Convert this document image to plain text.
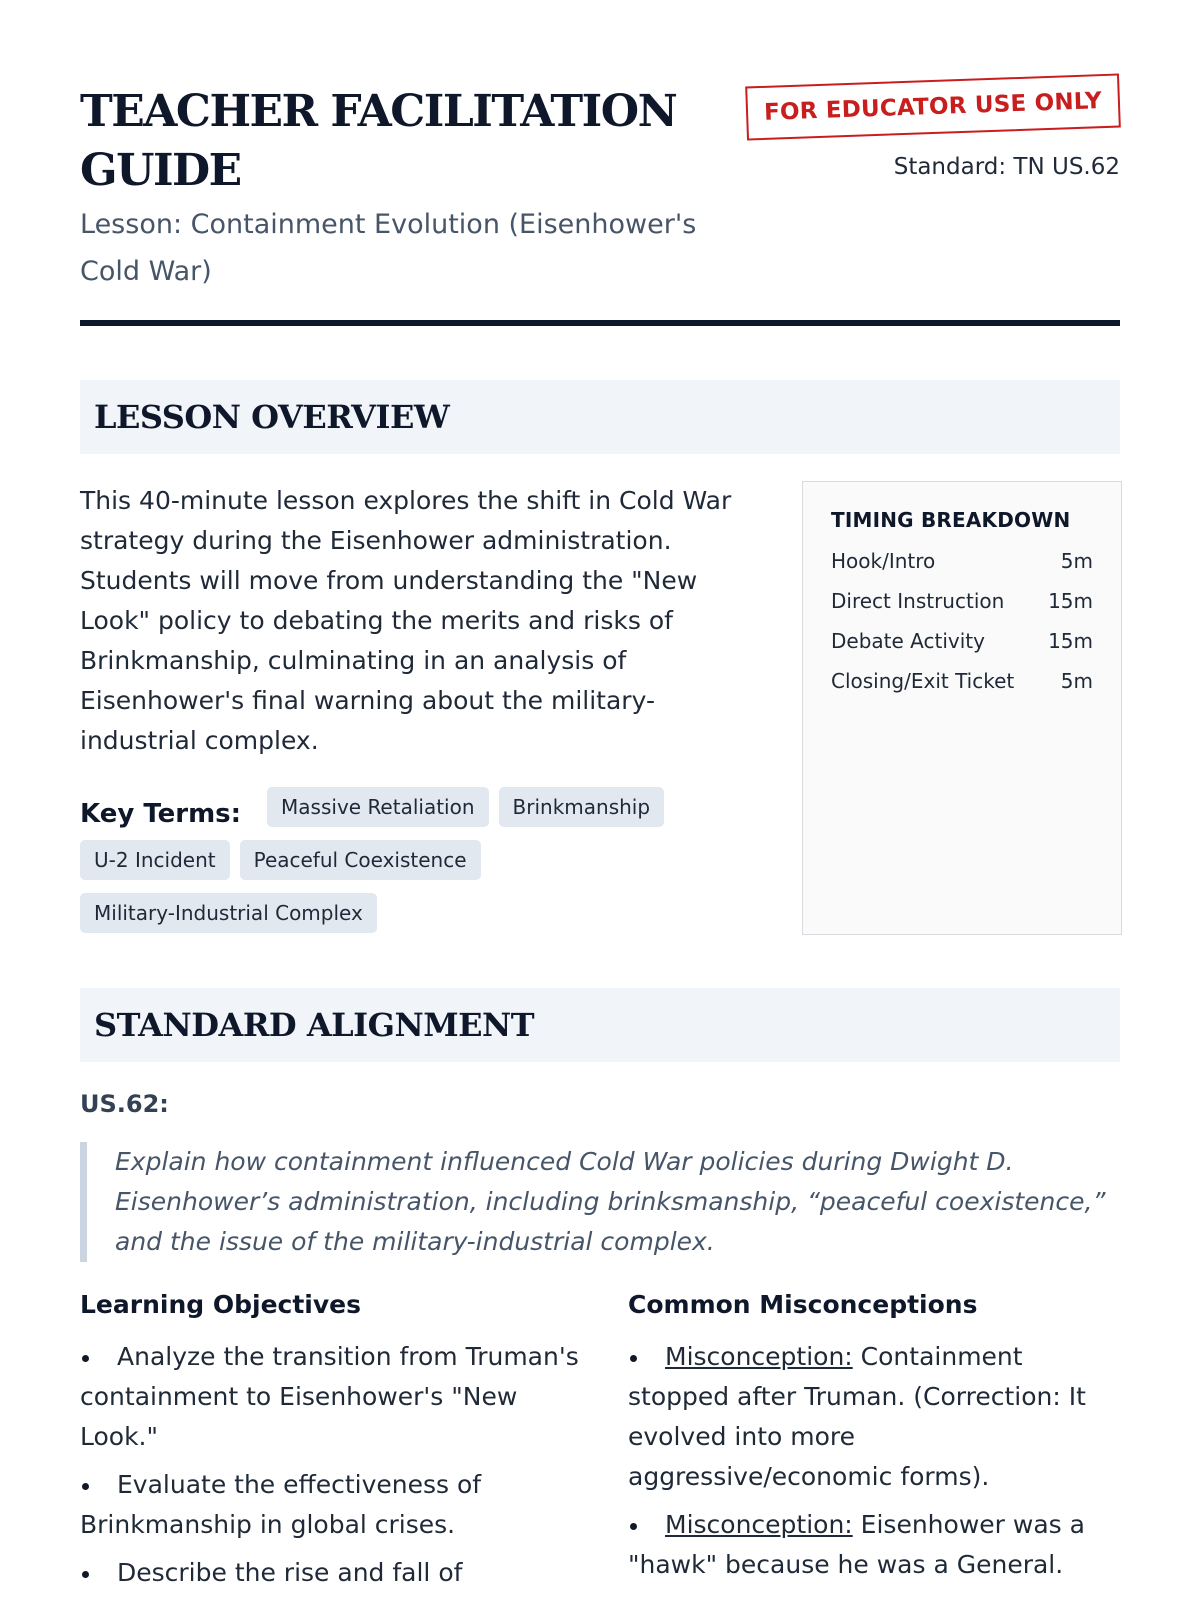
TEACHER FACILITATION GUIDE
Lesson: Containment Evolution (Eisenhower's Cold War)
FOR EDUCATOR USE ONLY
Standard: TN US.62
LESSON OVERVIEW
This 40-minute lesson explores the shift in Cold War strategy during the Eisenhower administration. Students will move from understanding the "New Look" policy to debating the merits and risks of Brinkmanship, culminating in an analysis of Eisenhower's final warning about the military-industrial complex.
Key Terms: Massive Retaliation BrinkmanshipU-2 Incident Peaceful CoexistenceMilitary-Industrial Complex
TIMING BREAKDOWN
Hook/Intro	5m
Direct Instruction 15m
Debate Activity	15m
Closing/Exit Ticket 5m
STANDARD ALIGNMENT
US.62:
Explain how containment influenced Cold War policies during Dwight D. Eisenhower’s administration, including brinksmanship, “peaceful coexistence,” and the issue of the military-industrial complex.
Learning Objectives
Analyze the transition from Truman's containment to Eisenhower's "New Look."
Evaluate the effectiveness of Brinkmanship in global crises.
Describe the rise and fall of
Common Misconceptions
Misconception: Containment stopped after Truman. (Correction: It evolved into more aggressive/economic forms).
Misconception: Eisenhower was a "hawk" because he was a General.
